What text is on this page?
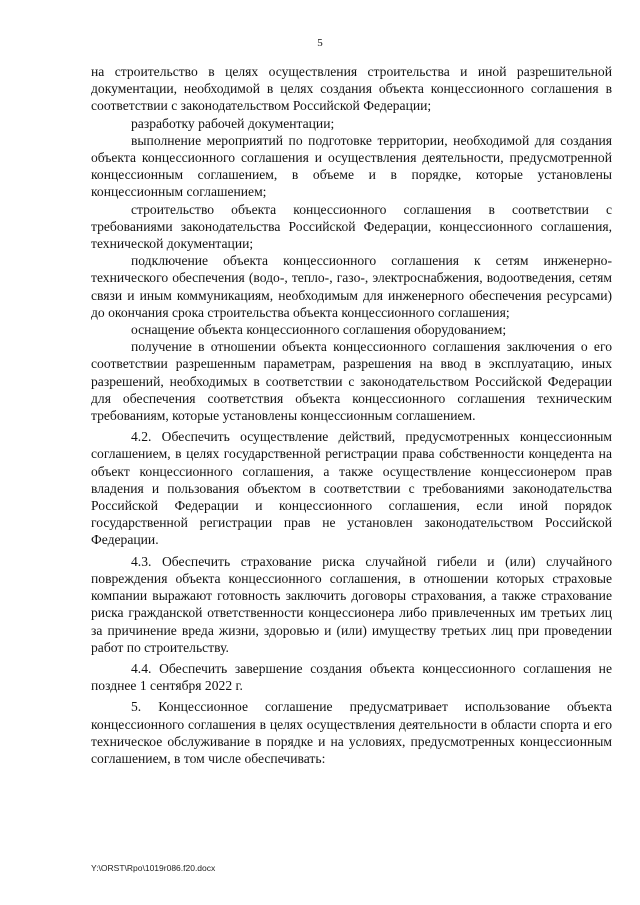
5

на строительство в целях осуществления строительства и иной разрешительной документации, необходимой в целях создания объекта концессионного соглашения в соответствии с законодательством Российской Федерации;

разработку рабочей документации;

выполнение мероприятий по подготовке территории, необходимой для создания объекта концессионного соглашения и осуществления деятельности, предусмотренной концессионным соглашением, в объеме и в порядке, которые установлены концессионным соглашением;

строительство объекта концессионного соглашения в соответствии с требованиями законодательства Российской Федерации, концессионного соглашения, технической документации;

подключение объекта концессионного соглашения к сетям инженерно-технического обеспечения (водо-, тепло-, газо-, электроснабжения, водоотведения, сетям связи и иным коммуникациям, необходимым для инженерного обеспечения ресурсами) до окончания срока строительства объекта концессионного соглашения;

оснащение объекта концессионного соглашения оборудованием;

получение в отношении объекта концессионного соглашения заключения о его соответствии разрешенным параметрам, разрешения на ввод в эксплуатацию, иных разрешений, необходимых в соответствии с законодательством Российской Федерации для обеспечения соответствия объекта концессионного соглашения техническим требованиям, которые установлены концессионным соглашением.

4.2. Обеспечить осуществление действий, предусмотренных концессионным соглашением, в целях государственной регистрации права собственности концедента на объект концессионного соглашения, а также осуществление концессионером прав владения и пользования объектом в соответствии с требованиями законодательства Российской Федерации и концессионного соглашения, если иной порядок государственной регистрации прав не установлен законодательством Российской Федерации.

4.3. Обеспечить страхование риска случайной гибели и (или) случайного повреждения объекта концессионного соглашения, в отношении которых страховые компании выражают готовность заключить договоры страхования, а также страхование риска гражданской ответственности концессионера либо привлеченных им третьих лиц за причинение вреда жизни, здоровью и (или) имуществу третьих лиц при проведении работ по строительству.

4.4. Обеспечить завершение создания объекта концессионного соглашения не позднее 1 сентября 2022 г.

5. Концессионное соглашение предусматривает использование объекта концессионного соглашения в целях осуществления деятельности в области спорта и его техническое обслуживание в порядке и на условиях, предусмотренных концессионным соглашением, в том числе обеспечивать:

Y:\ORST\Rpo\1019r086.f20.docx
